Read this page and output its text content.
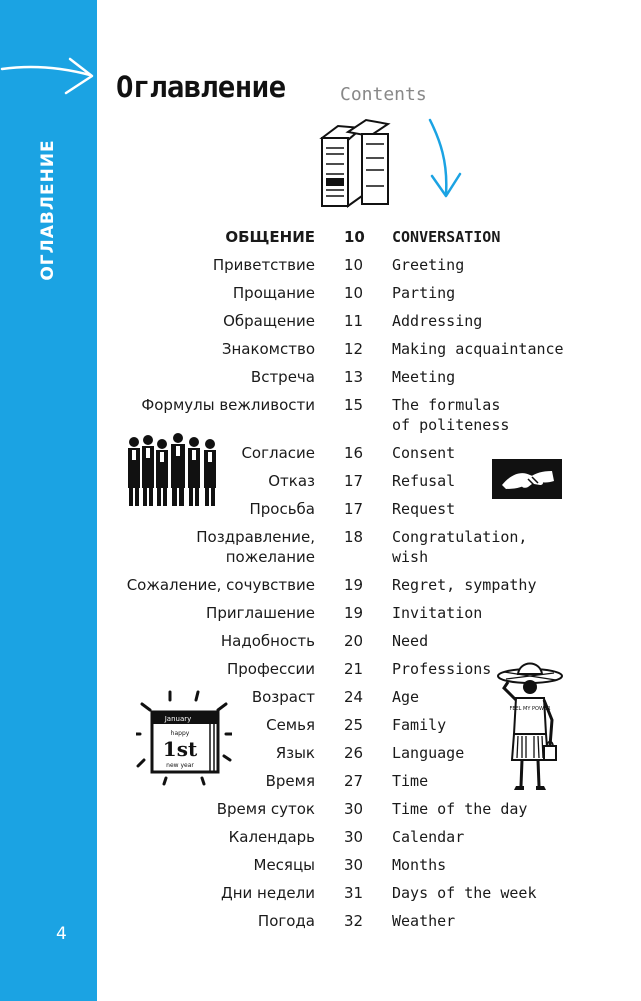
ОГЛАВЛЕНИЕ
4
Оглавление	Contents
ОБЩЕНИЕ 10 CONVERSATION
Приветствие 10 Greeting
Прощание 10 Parting
Обращение 11 Addressing
Знакомство 12 Making acquaintance
Встреча 13 Meeting
Формулы вежливости 15 The formulas
of politeness
Согласие 16 Consent
Отказ 17 Refusal
Просьба 17 Request
Поздравление,
пожелание
18 Congratulation,
wish
Сожаление, сочувствие 19 Regret, sympathy
Приглашение 19 Invitation
Надобность 20 Need
Профессии 21 Professions
Возраст 24 Age
Семья 25 Family
Язык 26 Language
Время 27 Time
Время суток 30 Time of the day
Календарь 30 Calendar
Месяцы 30 Months
Дни недели 31 Days of the week
Погода 32 Weather
January
happy
1st
new year
FEEL MY POWER
